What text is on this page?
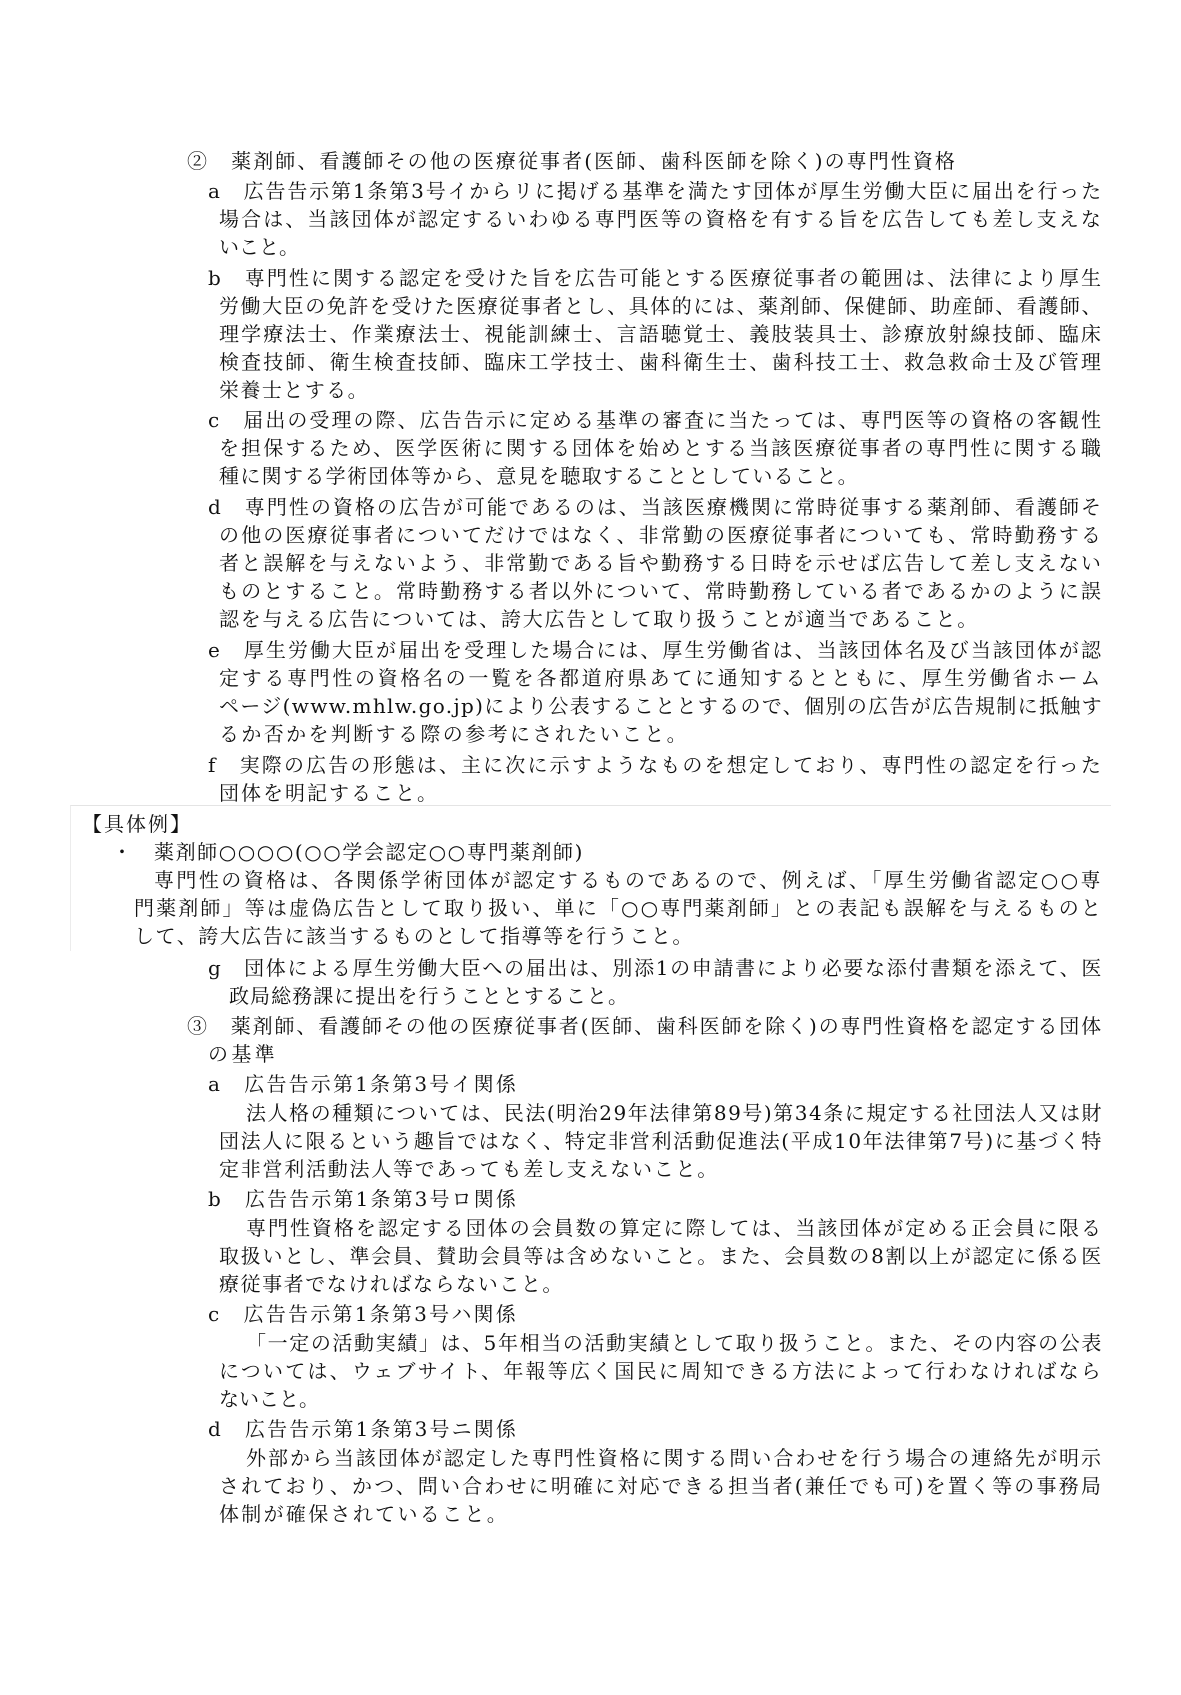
②　薬剤師、看護師その他の医療従事者(医師、歯科医師を除く)の専門性資格
a　広告告示第1条第3号イからリに掲げる基準を満たす団体が厚生労働大臣に届出を行った
場合は、当該団体が認定するいわゆる専門医等の資格を有する旨を広告しても差し支えな
いこと。
b　専門性に関する認定を受けた旨を広告可能とする医療従事者の範囲は、法律により厚生
労働大臣の免許を受けた医療従事者とし、具体的には、薬剤師、保健師、助産師、看護師、
理学療法士、作業療法士、視能訓練士、言語聴覚士、義肢装具士、診療放射線技師、臨床
検査技師、衛生検査技師、臨床工学技士、歯科衛生士、歯科技工士、救急救命士及び管理
栄養士とする。
c　届出の受理の際、広告告示に定める基準の審査に当たっては、専門医等の資格の客観性
を担保するため、医学医術に関する団体を始めとする当該医療従事者の専門性に関する職
種に関する学術団体等から、意見を聴取することとしていること。
d　専門性の資格の広告が可能であるのは、当該医療機関に常時従事する薬剤師、看護師そ
の他の医療従事者についてだけではなく、非常勤の医療従事者についても、常時勤務する
者と誤解を与えないよう、非常勤である旨や勤務する日時を示せば広告して差し支えない
ものとすること。常時勤務する者以外について、常時勤務している者であるかのように誤
認を与える広告については、誇大広告として取り扱うことが適当であること。
e　厚生労働大臣が届出を受理した場合には、厚生労働省は、当該団体名及び当該団体が認
定する専門性の資格名の一覧を各都道府県あてに通知するとともに、厚生労働省ホーム
ページ(www.mhlw.go.jp)により公表することとするので、個別の広告が広告規制に抵触す
るか否かを判断する際の参考にされたいこと。
f　実際の広告の形態は、主に次に示すようなものを想定しており、専門性の認定を行った
団体を明記すること。
【具体例】
・ 薬剤師○○○○(○○学会認定○○専門薬剤師)
専門性の資格は、各関係学術団体が認定するものであるので、例えば、「厚生労働省認定○○専
門薬剤師」等は虚偽広告として取り扱い、単に「○○専門薬剤師」との表記も誤解を与えるものと
して、誇大広告に該当するものとして指導等を行うこと。
g　団体による厚生労働大臣への届出は、別添1の申請書により必要な添付書類を添えて、医
政局総務課に提出を行うこととすること。
③　薬剤師、看護師その他の医療従事者(医師、歯科医師を除く)の専門性資格を認定する団体
の基準
a　広告告示第1条第3号イ関係
法人格の種類については、民法(明治29年法律第89号)第34条に規定する社団法人又は財
団法人に限るという趣旨ではなく、特定非営利活動促進法(平成10年法律第7号)に基づく特
定非営利活動法人等であっても差し支えないこと。
b　広告告示第1条第3号ロ関係
専門性資格を認定する団体の会員数の算定に際しては、当該団体が定める正会員に限る
取扱いとし、準会員、賛助会員等は含めないこと。また、会員数の8割以上が認定に係る医
療従事者でなければならないこと。
c　広告告示第1条第3号ハ関係
「一定の活動実績」は、5年相当の活動実績として取り扱うこと。また、その内容の公表
については、ウェブサイト、年報等広く国民に周知できる方法によって行わなければなら
ないこと。
d　広告告示第1条第3号ニ関係
外部から当該団体が認定した専門性資格に関する問い合わせを行う場合の連絡先が明示
されており、かつ、問い合わせに明確に対応できる担当者(兼任でも可)を置く等の事務局
体制が確保されていること。
